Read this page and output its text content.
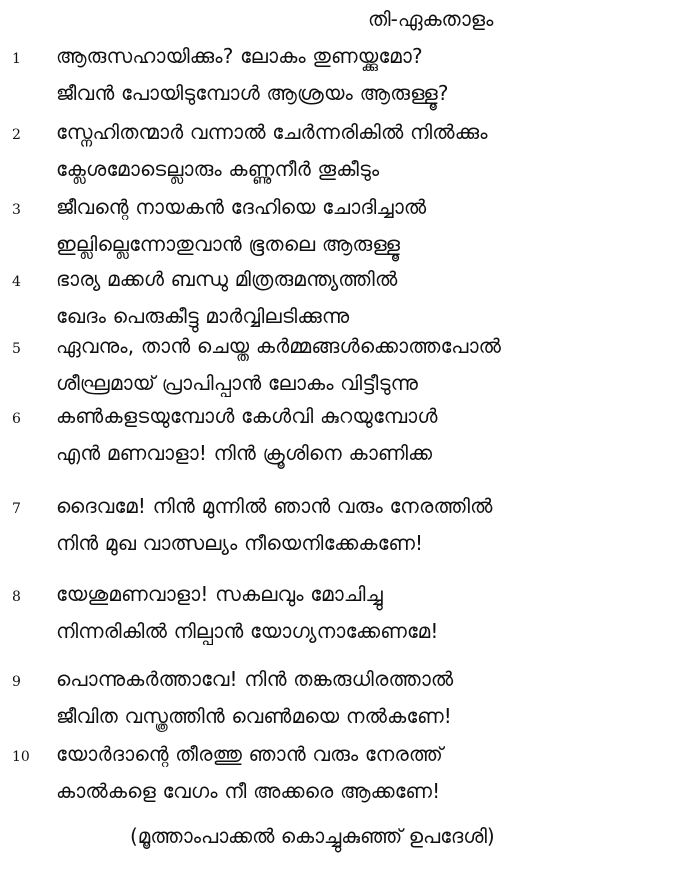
തി-ഏകതാളം
1 ആരുസഹായിക്കും? ലോകം തുണയ്ക്കുമോ?
ജീവൻ പോയിടുമ്പോൾ ആശ്രയം ആരുള്ളൂ?
2 സ്നേഹിതന്മാർ വന്നാൽ ചേർന്നരികിൽ നിൽക്കും
ക്ലേശമോടെല്ലാരും കണ്ണുനീർ തൂകീടും
3 ജീവന്റെ നായകൻ ദേഹിയെ ചോദിച്ചാൽ
ഇല്ലില്ലെന്നോതുവാൻ ഭൂതലെ ആരുള്ളൂ
4 ഭാര്യ മക്കൾ ബന്ധു മിത്രരുമന്ത്യത്തിൽ
ഖേദം പെരുകീട്ടു മാർവ്വിലടിക്കുന്നു
5 ഏവനും, താൻ ചെയ്ത കർമ്മങ്ങൾക്കൊത്തപോൽ
ശീഘ്രമായ് പ്രാപിപ്പാൻ ലോകം വിട്ടീടുന്നു
6 കൺകളടയുമ്പോൾ കേൾവി കുറയുമ്പോൾ
എൻ മണവാളാ! നിൻ ക്രൂശിനെ കാണിക്ക
7 ദൈവമേ! നിൻ മുന്നിൽ ഞാൻ വരും നേരത്തിൽ
നിൻ മുഖ വാത്സല്യം നീയെനിക്കേകണേ!
8 യേശുമണവാളാ! സകലവും മോചിച്ചു
നിന്നരികിൽ നില്പാൻ യോഗ്യനാക്കേണമേ!
9 പൊന്നുകർത്താവേ! നിൻ തങ്കരുധിരത്താൽ
ജീവിത വസ്ത്രത്തിൻ വെൺമയെ നൽകണേ!
10 യോർദാന്റെ തീരത്തു ഞാൻ വരും നേരത്ത്
കാൽകളെ വേഗം നീ അക്കരെ ആക്കണേ!
(മൂത്താംപാക്കൽ കൊച്ചുകുഞ്ഞ് ഉപദേശി)
